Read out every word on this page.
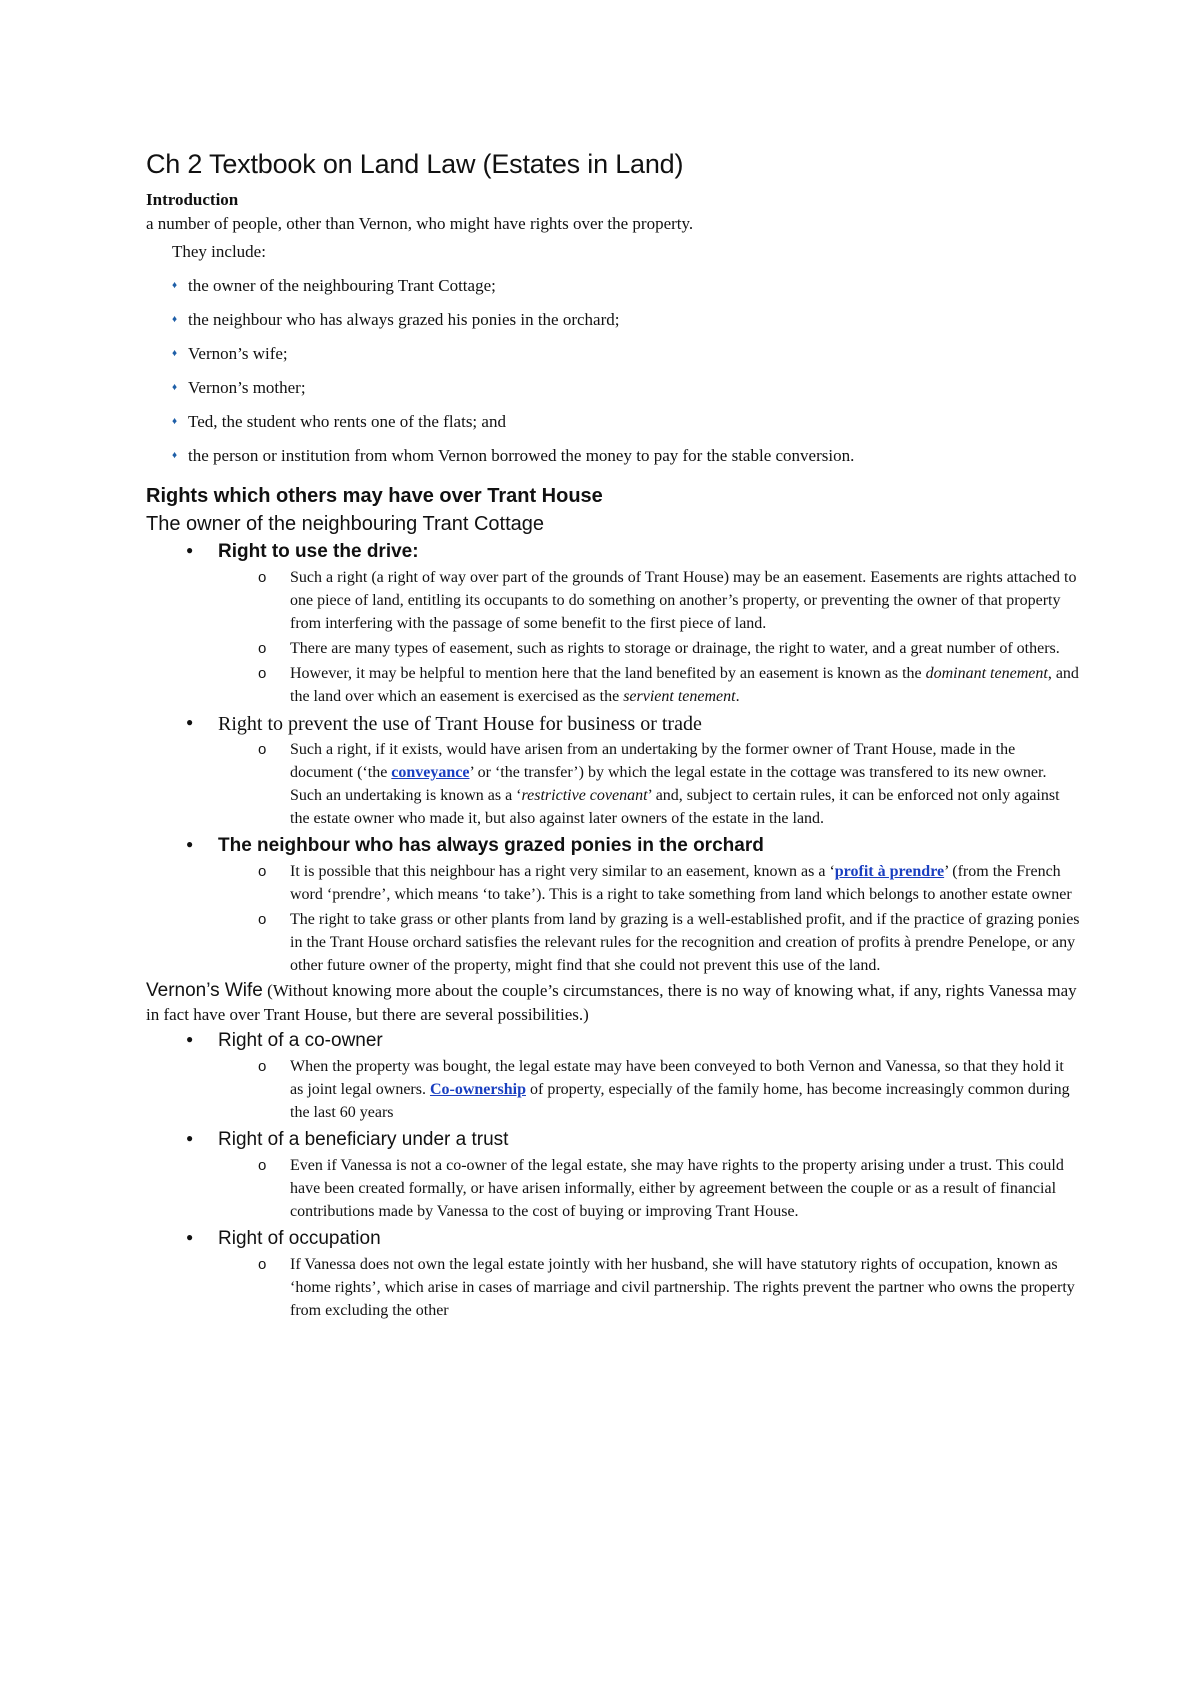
Ch 2 Textbook on Land Law (Estates in Land)
Introduction

a number of people, other than Vernon, who might have rights over the property.

They include:

♦ the owner of the neighbouring Trant Cottage;
♦ the neighbour who has always grazed his ponies in the orchard;
♦ Vernon’s wife;
♦ Vernon’s mother;
♦ Ted, the student who rents one of the flats; and
♦ the person or institution from whom Vernon borrowed the money to pay for the stable conversion.
Rights which others may have over Trant House
The owner of the neighbouring Trant Cottage
● Right to use the drive:
o Such a right (a right of way over part of the grounds of Trant House) may be an easement. Easements are rights attached to one piece of land, entitling its occupants to do something on another’s property, or preventing the owner of that property from interfering with the passage of some benefit to the first piece of land.
o There are many types of easement, such as rights to storage or drainage, the right to water, and a great number of others.
o However, it may be helpful to mention here that the land benefited by an easement is known as the dominant tenement, and the land over which an easement is exercised as the servient tenement.
● Right to prevent the use of Trant House for business or trade
o Such a right, if it exists, would have arisen from an undertaking by the former owner of Trant House, made in the document (‘the conveyance’ or ‘the transfer’) by which the legal estate in the cottage was transfered to its new owner. Such an undertaking is known as a ‘restrictive covenant’ and, subject to certain rules, it can be enforced not only against the estate owner who made it, but also against later owners of the estate in the land.
● The neighbour who has always grazed ponies in the orchard
o It is possible that this neighbour has a right very similar to an easement, known as a ‘profit à prendre’ (from the French word ‘prendre’, which means ‘to take’). This is a right to take something from land which belongs to another estate owner
o The right to take grass or other plants from land by grazing is a well-established profit, and if the practice of grazing ponies in the Trant House orchard satisfies the relevant rules for the recognition and creation of profits à prendre Penelope, or any other future owner of the property, might find that she could not prevent this use of the land.

Vernon’s Wife (Without knowing more about the couple’s circumstances, there is no way of knowing what, if any, rights Vanessa may in fact have over Trant House, but there are several possibilities.)

● Right of a co-owner
o When the property was bought, the legal estate may have been conveyed to both Vernon and Vanessa, so that they hold it as joint legal owners. Co-ownership of property, especially of the family home, has become increasingly common during the last 60 years
● Right of a beneficiary under a trust
o Even if Vanessa is not a co-owner of the legal estate, she may have rights to the property arising under a trust. This could have been created formally, or have arisen informally, either by agreement between the couple or as a result of financial contributions made by Vanessa to the cost of buying or improving Trant House.
● Right of occupation
o If Vanessa does not own the legal estate jointly with her husband, she will have statutory rights of occupation, known as ‘home rights’, which arise in cases of marriage and civil partnership. The rights prevent the partner who owns the property from excluding the other
